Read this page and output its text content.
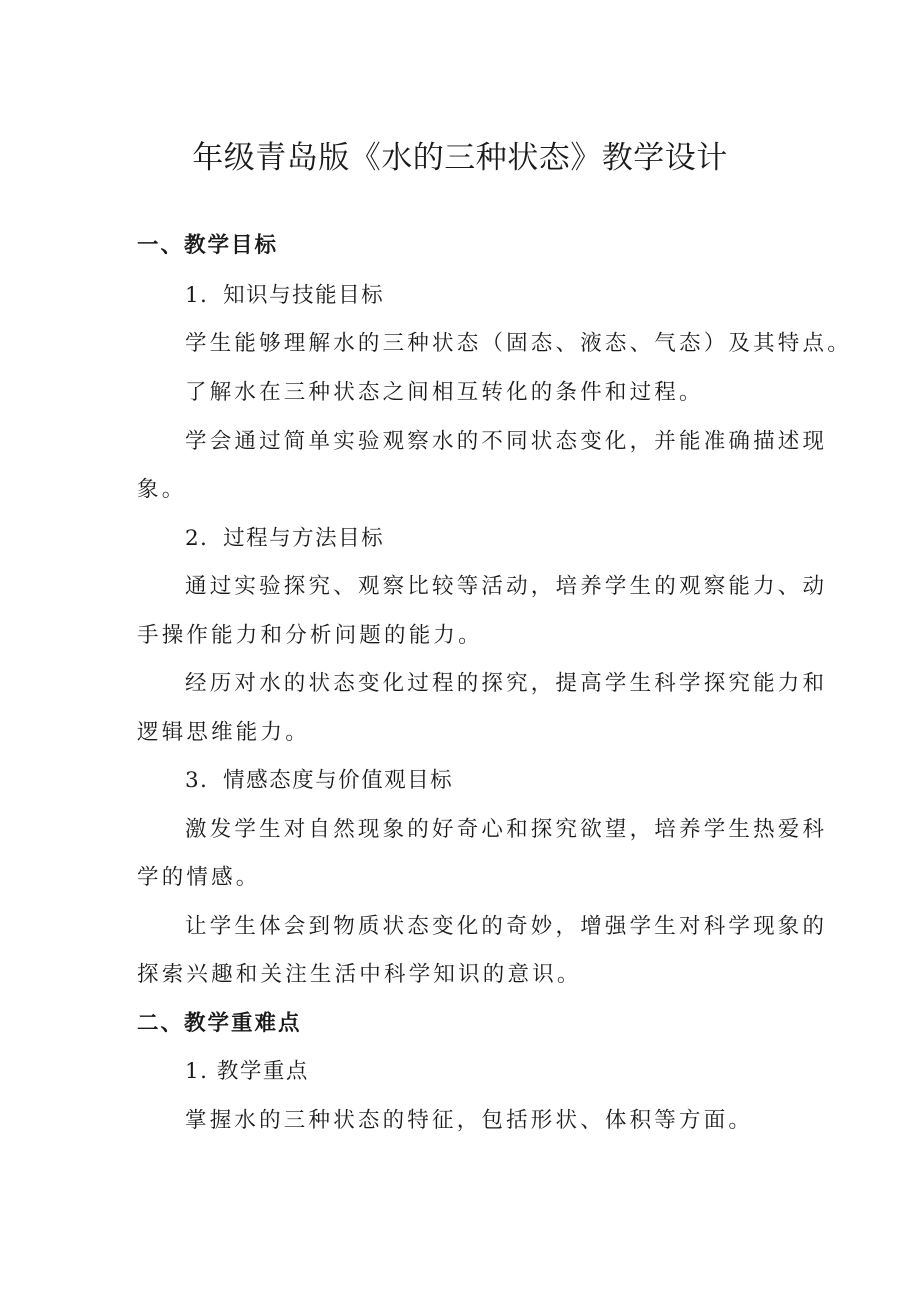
年级青岛版《水的三种状态》教学设计

一、教学目标

1．知识与技能目标

学生能够理解水的三种状态（固态、液态、气态）及其特点。

了解水在三种状态之间相互转化的条件和过程。

学会通过简单实验观察水的不同状态变化，并能准确描述现

象。

2．过程与方法目标

通过实验探究、观察比较等活动，培养学生的观察能力、动

手操作能力和分析问题的能力。

经历对水的状态变化过程的探究，提高学生科学探究能力和

逻辑思维能力。

3．情感态度与价值观目标

激发学生对自然现象的好奇心和探究欲望，培养学生热爱科

学的情感。

让学生体会到物质状态变化的奇妙，增强学生对科学现象的

探索兴趣和关注生活中科学知识的意识。

二、教学重难点

1. 教学重点

掌握水的三种状态的特征，包括形状、体积等方面。
